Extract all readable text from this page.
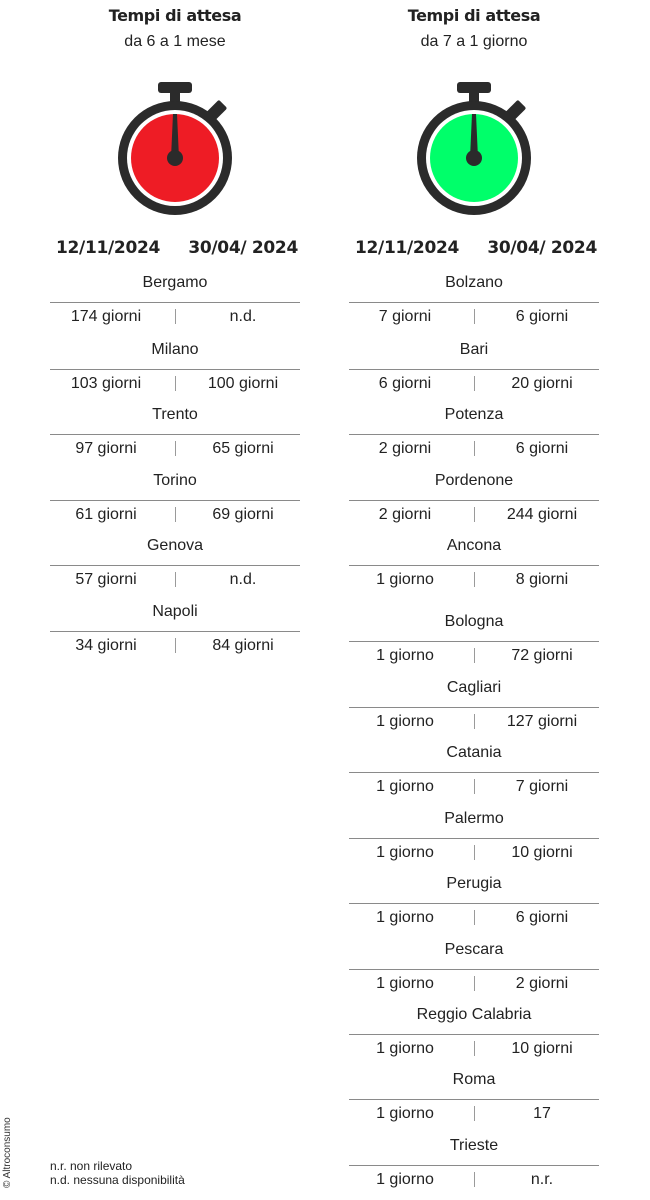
Tempi di attesa
da 6 a 1 mese
12/11/2024 30/04/ 2024
Bergamo
174 giorni	n.d.
Milano
103 giorni	100 giorni
Trento
97 giorni	65 giorni
Torino
61 giorni	69 giorni
Genova
57 giorni	n.d.
Napoli
34 giorni	84 giorni
Tempi di attesa
da 7 a 1 giorno
12/11/2024 30/04/ 2024
Bolzano
7 giorni	6 giorni
Bari
6 giorni	20 giorni
Potenza
2 giorni	6 giorni
Pordenone
2 giorni	244 giorni
Ancona
1 giorno	8 giorni
Bologna
1 giorno	72 giorni
Cagliari
1 giorno	127 giorni
Catania
1 giorno	7 giorni
Palermo
1 giorno	10 giorni
Perugia
1 giorno	6 giorni
Pescara
1 giorno	2 giorni
Reggio Calabria
1 giorno	10 giorni
Roma
1 giorno	17
Trieste
1 giorno	n.r.
© Altroconsumo	n.r. non rilevato
n.d. nessuna disponibilità
